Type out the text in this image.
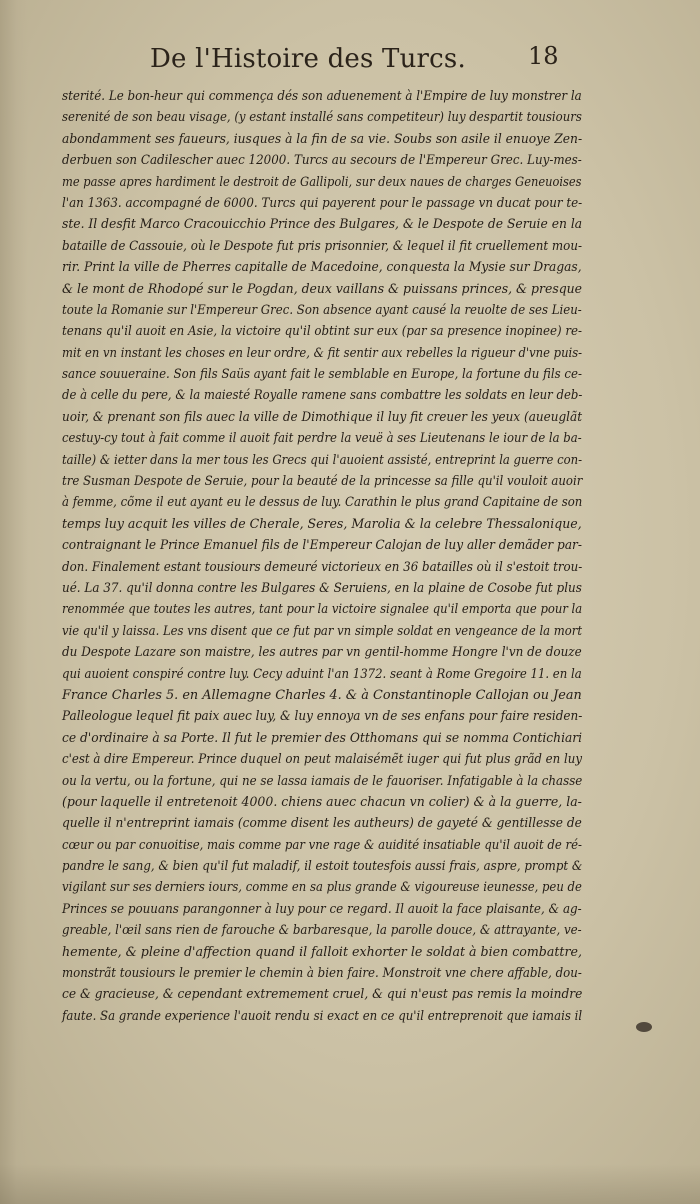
De l'Histoire des Turcs.	18
sterité. Le bon-heur qui commença dés son aduenement à l'Empire de luy monstrer la
serenité de son beau visage, (y estant installé sans competiteur) luy despartit tousiours
abondamment ses faueurs, iusques à la fin de sa vie. Soubs son asile il enuoye Zen-
derbuen son Cadilescher auec 12000. Turcs au secours de l'Empereur Grec. Luy-mes-
me passe apres hardiment le destroit de Gallipoli, sur deux naues de charges Geneuoises
l'an 1363. accompagné de 6000. Turcs qui payerent pour le passage vn ducat pour te-
ste. Il desfit Marco Cracouicchio Prince des Bulgares, & le Despote de Seruie en la
bataille de Cassouie, où le Despote fut pris prisonnier, & lequel il fit cruellement mou-
rir. Print la ville de Pherres capitalle de Macedoine, conquesta la Mysie sur Dragas,
& le mont de Rhodopé sur le Pogdan, deux vaillans & puissans princes, & presque
toute la Romanie sur l'Empereur Grec. Son absence ayant causé la reuolte de ses Lieu-
tenans qu'il auoit en Asie, la victoire qu'il obtint sur eux (par sa presence inopinee) re-
mit en vn instant les choses en leur ordre, & fit sentir aux rebelles la rigueur d'vne puis-
sance souueraine. Son fils Saüs ayant fait le semblable en Europe, la fortune du fils ce-
de à celle du pere, & la maiesté Royalle ramene sans combattre les soldats en leur deb-
uoir, & prenant son fils auec la ville de Dimothique il luy fit creuer les yeux (aueuglãt
cestuy-cy tout à fait comme il auoit fait perdre la veuë à ses Lieutenans le iour de la ba-
taille) & ietter dans la mer tous les Grecs qui l'auoient assisté, entreprint la guerre con-
tre Susman Despote de Seruie, pour la beauté de la princesse sa fille qu'il vouloit auoir
à femme, cõme il eut ayant eu le dessus de luy. Carathin le plus grand Capitaine de son
temps luy acquit les villes de Cherale, Seres, Marolia & la celebre Thessalonique,
contraignant le Prince Emanuel fils de l'Empereur Calojan de luy aller demãder par-
don. Finalement estant tousiours demeuré victorieux en 36 batailles où il s'estoit trou-
ué. La 37. qu'il donna contre les Bulgares & Seruiens, en la plaine de Cosobe fut plus
renommée que toutes les autres, tant pour la victoire signalee qu'il emporta que pour la
vie qu'il y laissa. Les vns disent que ce fut par vn simple soldat en vengeance de la mort
du Despote Lazare son maistre, les autres par vn gentil-homme Hongre l'vn de douze
qui auoient conspiré contre luy. Cecy aduint l'an 1372. seant à Rome Gregoire 11. en la
France Charles 5. en Allemagne Charles 4. & à Constantinople Callojan ou Jean
Palleologue lequel fit paix auec luy, & luy ennoya vn de ses enfans pour faire residen-
ce d'ordinaire à sa Porte. Il fut le premier des Otthomans qui se nomma Contichiari
c'est à dire Empereur. Prince duquel on peut malaisémẽt iuger qui fut plus grãd en luy
ou la vertu, ou la fortune, qui ne se lassa iamais de le fauoriser. Infatigable à la chasse
(pour laquelle il entretenoit 4000. chiens auec chacun vn colier) & à la guerre, la-
quelle il n'entreprint iamais (comme disent les autheurs) de gayeté & gentillesse de
cœur ou par conuoitise, mais comme par vne rage & auidité insatiable qu'il auoit de ré-
pandre le sang, & bien qu'il fut maladif, il estoit toutesfois aussi frais, aspre, prompt &
vigilant sur ses derniers iours, comme en sa plus grande & vigoureuse ieunesse, peu de
Princes se pouuans parangonner à luy pour ce regard. Il auoit la face plaisante, & ag-
greable, l'œil sans rien de farouche & barbaresque, la parolle douce, & attrayante, ve-
hemente, & pleine d'affection quand il falloit exhorter le soldat à bien combattre,
monstrãt tousiours le premier le chemin à bien faire. Monstroit vne chere affable, dou-
ce & gracieuse, & cependant extremement cruel, & qui n'eust pas remis la moindre
faute. Sa grande experience l'auoit rendu si exact en ce qu'il entreprenoit que iamais il
